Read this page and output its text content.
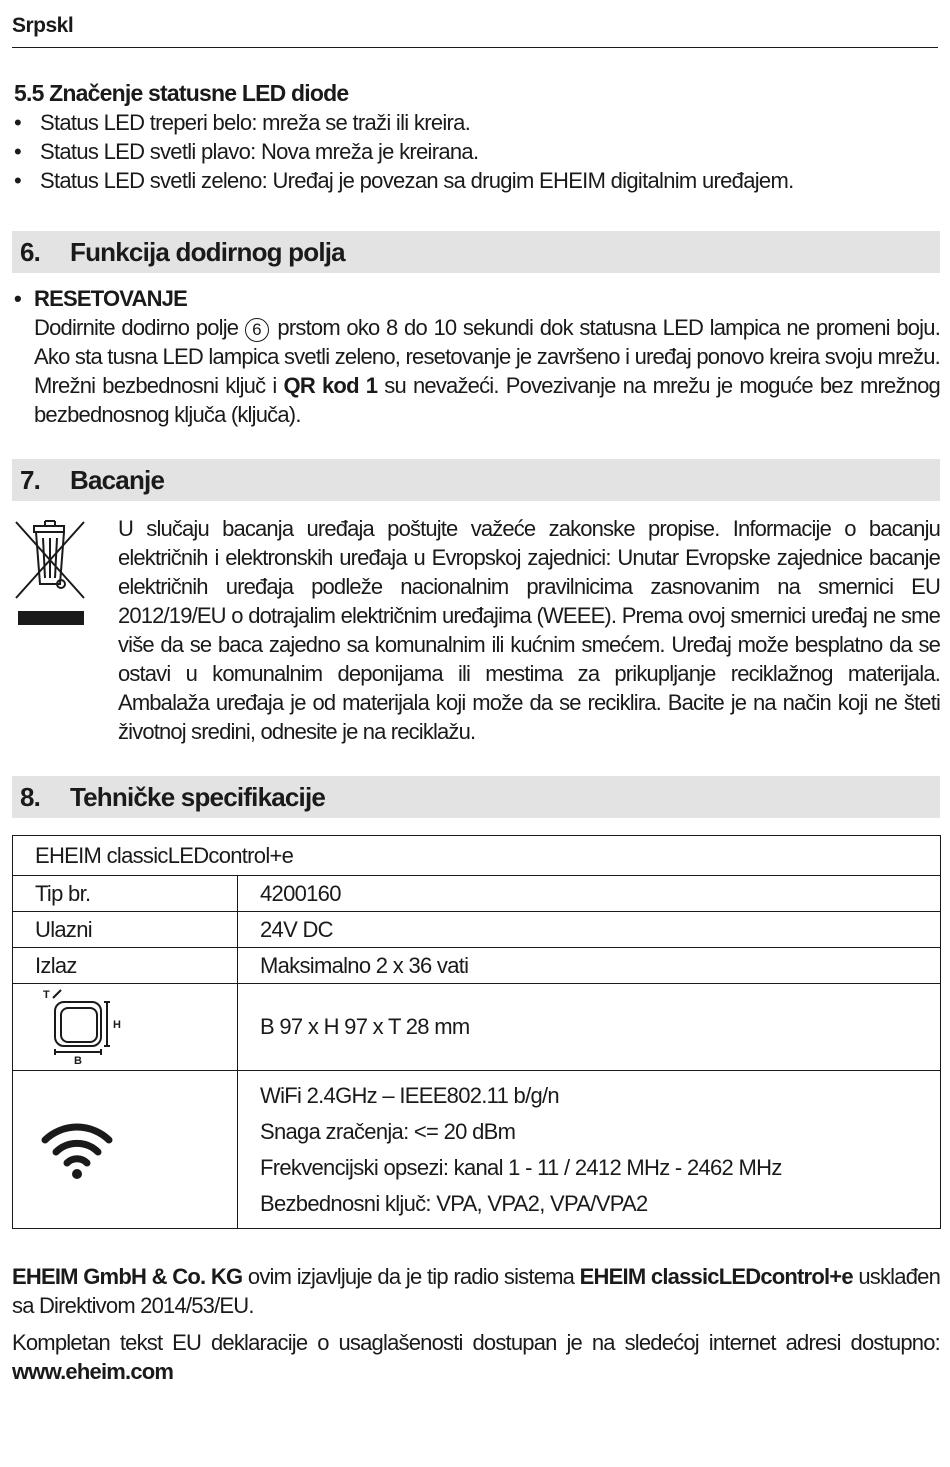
Srpskl
5.5 Značenje statusne LED diode
• Status LED treperi belo: mreža se traži ili kreira.
• Status LED svetli plavo: Nova mreža je kreirana.
• Status LED svetli zeleno: Uređaj je povezan sa drugim EHEIM digitalnim uređajem.
6. Funkcija dodirnog polja
• RESETOVANJE
Dodirnite dodirno polje 6 prstom oko 8 do 10 sekundi dok statusna LED lampica ne promeni boju. Ako sta tusna LED lampica svetli zeleno, resetovanje je završeno i uređaj ponovo kreira svoju mrežu. Mrežni bezbednosni ključ i QR kod 1 su nevažeći. Povezivanje na mrežu je moguće bez mrežnog bezbednosnog ključa (ključa).
7. Bacanje
U slučaju bacanja uređaja poštujte važeće zakonske propise. Informacije o bacanju električnih i elektronskih uređaja u Evropskoj zajednici: Unutar Evropske zajednice bacanje električnih uređaja podleže nacionalnim pravilnicima zasnovanim na smernici EU 2012/19/EU o dotrajalim električnim uređajima (WEEE). Prema ovoj smernici uređaj ne sme više da se baca zajedno sa komunalnim ili kućnim smećem. Uređaj može besplatno da se ostavi u komunalnim deponijama ili mestima za prikupljanje reciklažnog materijala. Ambalaža uređaja je od materijala koji može da se reciklira. Bacite je na način koji ne šteti životnoj sredini, odnesite je na reciklažu.
8. Tehničke specifikacije
EHEIM classicLEDcontrol+e	
Tip br.	4200160
Ulazni	24V DC
Izlaz	Maksimalno 2 x 36 vati

T
H
B	B 97 x H 97 x T 28 mm

WiFi 2.4GHz – IEEE802.11 b/g/n
Snaga zračenja: <= 20 dBm
Frekvencijski opsezi: kanal 1 - 11 / 2412 MHz - 2462 MHz
Bezbednosni ključ: VPA, VPA2, VPA/VPA2

EHEIM GmbH & Co. KG ovim izjavljuje da je tip radio sistema EHEIM classicLEDcontrol+e usklađen sa Direktivom 2014/53/EU.

Kompletan tekst EU deklaracije o usaglašenosti dostupan je na sledećoj internet adresi dostupno: www.eheim.com
